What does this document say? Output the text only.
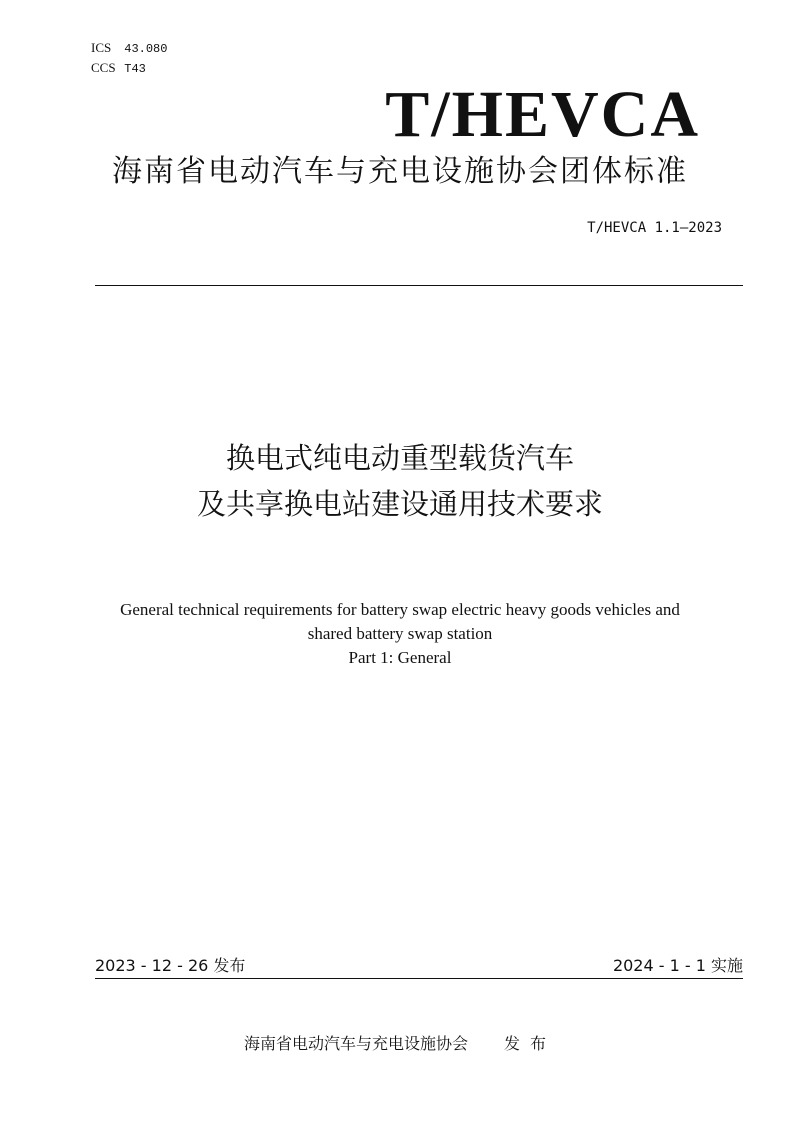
ICS 43.080
CCS T43
T/HEVCA
海南省电动汽车与充电设施协会团体标准
T/HEVCA 1.1—2023
换电式纯电动重型载货汽车
及共享换电站建设通用技术要求
General technical requirements for battery swap electric heavy goods vehicles and
shared battery swap station
Part 1: General
2023 - 12 - 26 发布	2024 - 1 - 1 实施
海南省电动汽车与充电设施协会 发布
